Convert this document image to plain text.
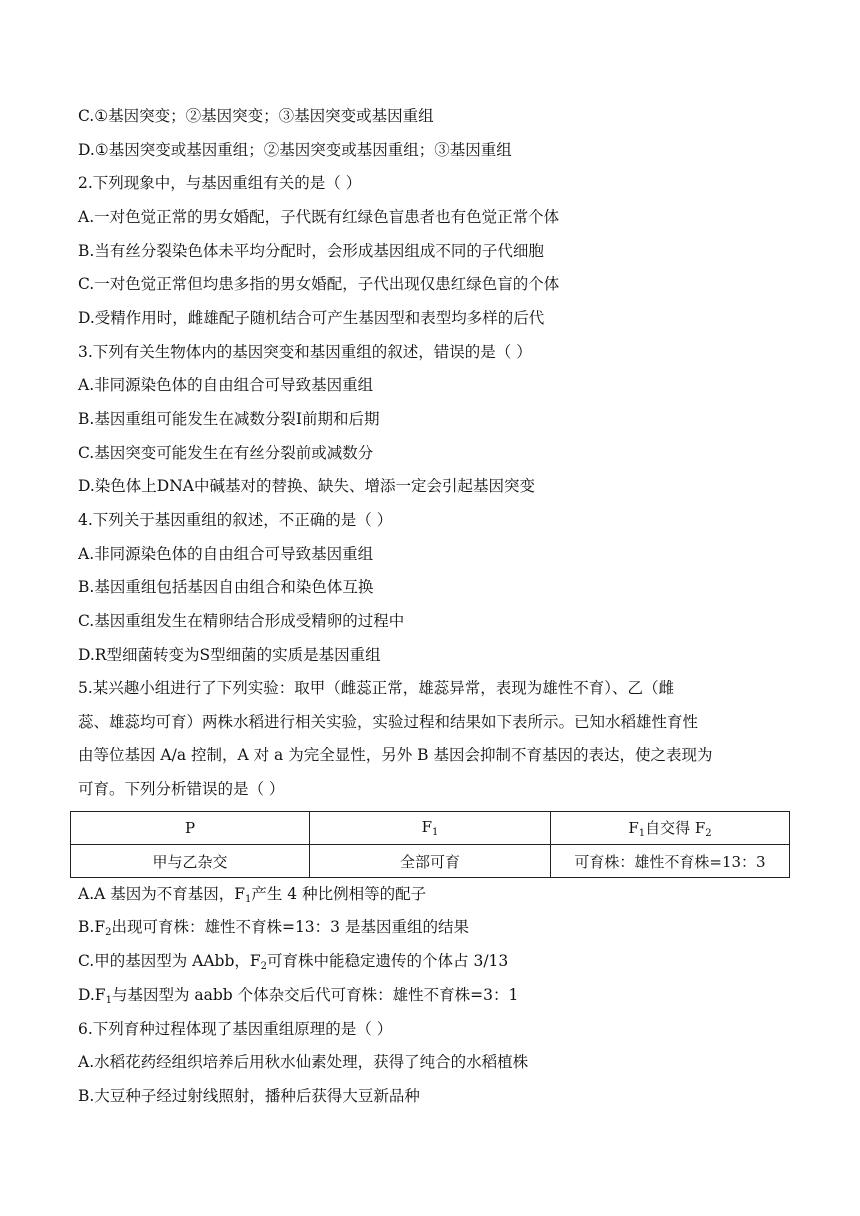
C.①基因突变；②基因突变；③基因突变或基因重组
D.①基因突变或基因重组；②基因突变或基因重组；③基因重组
2.下列现象中，与基因重组有关的是（ ）
A.一对色觉正常的男女婚配，子代既有红绿色盲患者也有色觉正常个体
B.当有丝分裂染色体未平均分配时，会形成基因组成不同的子代细胞
C.一对色觉正常但均患多指的男女婚配，子代出现仅患红绿色盲的个体
D.受精作用时，雌雄配子随机结合可产生基因型和表型均多样的后代
3.下列有关生物体内的基因突变和基因重组的叙述，错误的是（ ）
A.非同源染色体的自由组合可导致基因重组
B.基因重组可能发生在减数分裂I前期和后期
C.基因突变可能发生在有丝分裂前或减数分
D.染色体上DNA中碱基对的替换、缺失、增添一定会引起基因突变
4.下列关于基因重组的叙述，不正确的是（ ）
A.非同源染色体的自由组合可导致基因重组
B.基因重组包括基因自由组合和染色体互换
C.基因重组发生在精卵结合形成受精卵的过程中
D.R型细菌转变为S型细菌的实质是基因重组
5.某兴趣小组进行了下列实验：取甲（雌蕊正常，雄蕊异常，表现为雄性不育）、乙（雌
蕊、雄蕊均可育）两株水稻进行相关实验，实验过程和结果如下表所示。已知水稻雄性育性
由等位基因 A/a 控制，A 对 a 为完全显性，另外 B 基因会抑制不育基因的表达，使之表现为
可育。下列分析错误的是（ ）
P	$F_1$	$F_1$自交得 $F_2$
甲与乙杂交	全部可育	可育株：雄性不育株=13：3
A.A 基因为不育基因，$F_1$产生 4 种比例相等的配子
$B.F_2$出现可育株：雄性不育株=13：3 是基因重组的结果
C.甲的基因型为 AAbb，$F_2$可育株中能稳定遗传的个体占 3/13
$D.F_1$与基因型为 aabb 个体杂交后代可育株：雄性不育株=3：1
6.下列育种过程体现了基因重组原理的是（ ）
A.水稻花药经组织培养后用秋水仙素处理，获得了纯合的水稻植株
B.大豆种子经过射线照射，播种后获得大豆新品种
